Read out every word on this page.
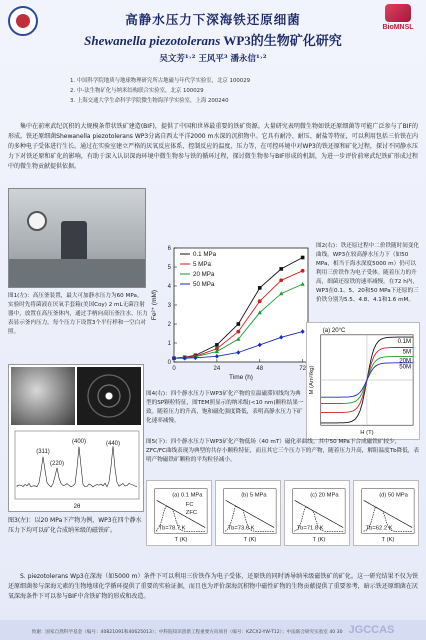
BioMNSL
高静水压力下深海铁还原细菌
Shewanella piezotolerans WP3的生物矿化研究
吴文芳¹˒² 王风平³ 潘永信¹˒²
1. 中国科学院地质与地球物理研究所古地磁与年代学实验室，北京 100029
2. 中-法生物矿化与纳米结构联合实验室，北京 100029
3. 上海交通大学生命科学学院微生物海洋学实验室，上海 200240
集中在前寒武纪沉积的大规模条带状铁矿建造(BIF)，提供了中国和世界最重要的铁矿资源。大量研究表明微生物如铁还原细菌等可能广泛参与了BIF的形成。铁还原细菌Shewanella piezotolerans WP3分离自西太平洋2000 m水深的沉积物中。它具有耐冷、耐压、耐盐等特征，可以利用包括三价铁在内的多种电子受体进行生长。通过在实验室建立严格的厌氧反应体系，控制反应的温度、压力等，在可控环境中对WP3的铁还原和矿化过程，探讨不同静水压力下对铁还原和矿化的影响，有助于深入认识深海环境中微生物参与铁的循环过程，探讨微生物参与BIF形成的机制，为进一步评价前寒武纪铁矿形成过程中的微生物贡献提供依据。
图1(左)：高压釜装置，最大可加静水压力为60 MPa。实验时先将菌液在厌氧手套箱(美国Coy) 2 mL无菌注射器中，放置在高压釜体内，通过手柄向高压釜注水，压力表显示釜内压力。每个压力下设置3个平行样和一空白对照。
0	24	48	72
0
1
2
3
4
5
6
Time (h)
Fe²⁺ (mM)
0.1 MPa
5 MPa
20 MPa
50 MPa
图2(右)：铁还原过程中二价铁随时间变化曲线。WP3在较高静水压力下（如50 MPa，相当于海水深度5000 m）仍可以利用三价铁作为电子受体。随着压力的升高，细菌还原铁的速率减慢。在72 h内，WP3在0.1、5、20和50 MPa下还原的三价铁分别为5.5、4.8、4.1和1.6 mM。
图4(右)：四个静水压力下WP3矿化产物的室温磁滞回线均为典型的SP颗粒特征，图TEM照显示的纳米级(<10 nm)颗粒结果一致。随着压力的升高，饱和磁化强度降低，表明高静水压力下矿化速率减慢。
(a) 20°C
H (T)
M (Am²/kg)
0.1M
5M
20M
50M
(220)
(311)
(400)	(440)
2θ
图5(下)：四个静水压力下WP3矿化产物低场（40 mT）磁化率曲线。其中50 MPa下合成磁铁矿较少，ZFC/FC曲线表现为典型的共存小颗粒特征，而且其它三个压力下的产物，随着压力升高，解阻温度Tb降低，表明产物磁铁矿颗粒的平均粒径减小。
(a) 0.1 MPa
Tb=78.7 K
T (K)
FC
ZFC
(b) 5 MPa
Tb=73.6 K
T (K)
(c) 20 MPa
Tb=71.8 K
T (K)
(d) 50 MPa
Tb=62.2 K
T (K)
图3(左)：以20 MPa下产物为例，WP3在四个静水压力下均可以矿化合成纳米级的磁铁矿。
S. piezotolerans Wp3在深海（如5000 m）条件下可以利用三价铁作为电子受体，还原铁的同时诱导纳米级磁铁矿的矿化。这一研究结果不仅为铁还原细菌参与深海元素的生物地球化学循环提供了重要的实验证据，而且也为评价深海沉积物中磁性矿物的生物贡献提供了重要参考，暗示铁还原细菌在厌氧深海条件下可以参与BIF中含铁矿物的形成和改造。
致谢：国家自然科学基金（编号：40821091和40625013）；中科院知识创新工程重要方向项目（编号：KZCX2-YW-T12）；中法联合研究实验室 40 30 JGCCAS
